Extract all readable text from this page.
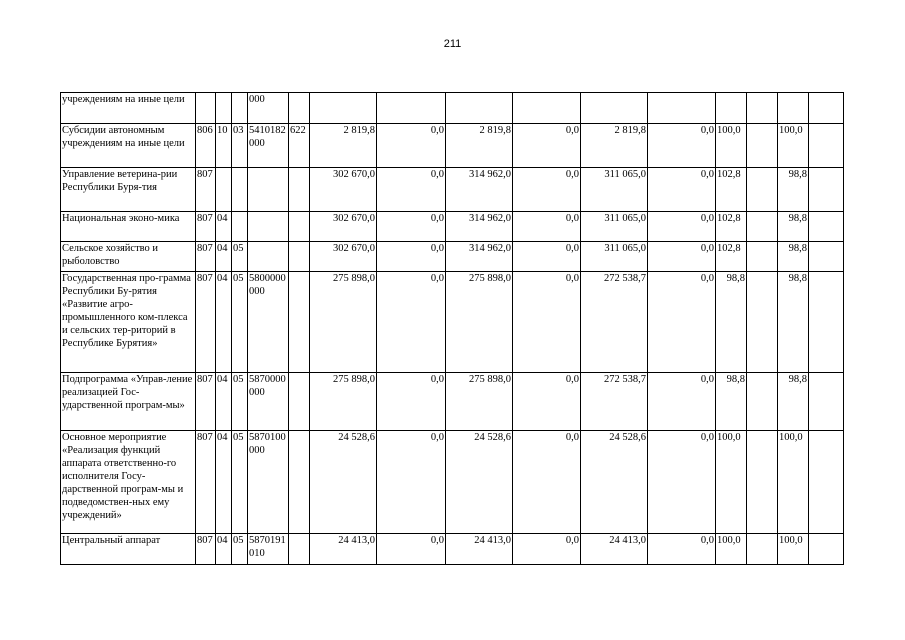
211
учреждениям на иные цели				000											
Субсидии автономным учреждениям на иные цели	806	10	03	5410182 000	622	2 819,8	0,0	2 819,8	0,0	2 819,8	0,0	100,0		100,0	
Управление ветерина-рии Республики Буря-тия	807					302 670,0	0,0	314 962,0	0,0	311 065,0	0,0	102,8		98,8	
Национальная эконо-мика	807	04				302 670,0	0,0	314 962,0	0,0	311 065,0	0,0	102,8		98,8	
Сельское хозяйство и рыболовство	807	04	05			302 670,0	0,0	314 962,0	0,0	311 065,0	0,0	102,8		98,8	
Государственная про-грамма Республики Бу-рятия «Развитие агро-промышленного ком-плекса и сельских тер-риторий в Республике Бурятия»	807	04	05	5800000 000		275 898,0	0,0	275 898,0	0,0	272 538,7	0,0	98,8		98,8	
Подпрограмма «Управ-ление реализацией Гос-ударственной програм-мы»	807	04	05	5870000 000		275 898,0	0,0	275 898,0	0,0	272 538,7	0,0	98,8		98,8	
Основное мероприятие «Реализация функций аппарата ответственно-го исполнителя Госу-дарственной програм-мы и подведомствен-ных ему учреждений»	807	04	05	5870100 000		24 528,6	0,0	24 528,6	0,0	24 528,6	0,0	100,0		100,0	
Центральный аппарат	807	04	05	5870191 010		24 413,0	0,0	24 413,0	0,0	24 413,0	0,0	100,0		100,0	
